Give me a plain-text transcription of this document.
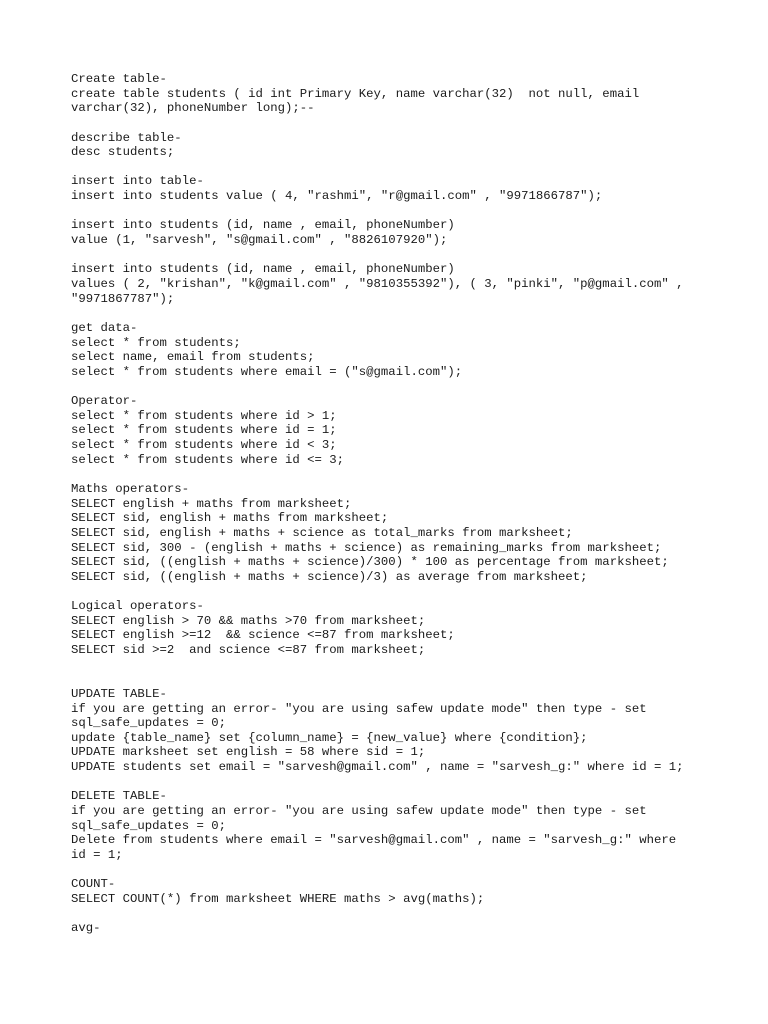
Create table-
create table students ( id int Primary Key, name varchar(32)  not null, email
varchar(32), phoneNumber long);--
describe table-
desc students;
insert into table-
insert into students value ( 4, "rashmi", "r@gmail.com" , "9971866787");
insert into students (id, name , email, phoneNumber)
value (1, "sarvesh", "s@gmail.com" , "8826107920");
insert into students (id, name , email, phoneNumber)
values ( 2, "krishan", "k@gmail.com" , "9810355392"), ( 3, "pinki", "p@gmail.com" ,
"9971867787");
get data-
select * from students;
select name, email from students;
select * from students where email = ("s@gmail.com");
Operator-
select * from students where id > 1;
select * from students where id = 1;
select * from students where id < 3;
select * from students where id <= 3;
Maths operators-
SELECT english + maths from marksheet;
SELECT sid, english + maths from marksheet;
SELECT sid, english + maths + science as total_marks from marksheet;
SELECT sid, 300 - (english + maths + science) as remaining_marks from marksheet;
SELECT sid, ((english + maths + science)/300) * 100 as percentage from marksheet;
SELECT sid, ((english + maths + science)/3) as average from marksheet;
Logical operators-
SELECT english > 70 && maths >70 from marksheet;
SELECT english >=12  && science <=87 from marksheet;
SELECT sid >=2  and science <=87 from marksheet;
UPDATE TABLE-
if you are getting an error- "you are using safew update mode" then type - set
sql_safe_updates = 0;
update {table_name} set {column_name} = {new_value} where {condition};
UPDATE marksheet set english = 58 where sid = 1;
UPDATE students set email = "sarvesh@gmail.com" , name = "sarvesh_g:" where id = 1;
DELETE TABLE-
if you are getting an error- "you are using safew update mode" then type - set
sql_safe_updates = 0;
Delete from students where email = "sarvesh@gmail.com" , name = "sarvesh_g:" where
id = 1;
COUNT-
SELECT COUNT(*) from marksheet WHERE maths > avg(maths);
avg-
